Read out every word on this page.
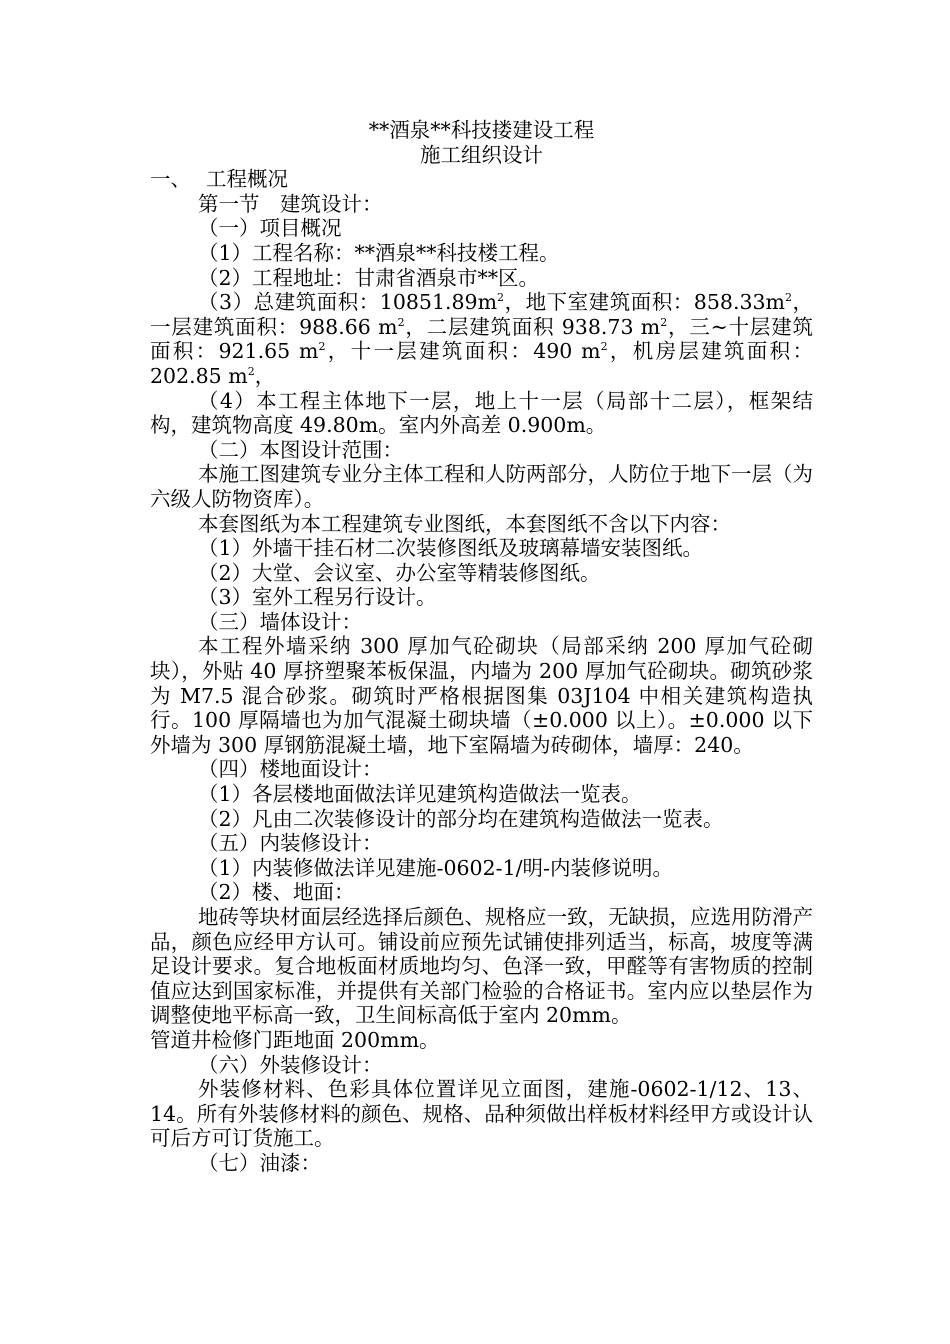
**酒泉**科技搂建设工程
施工组织设计
一、 工程概况
第一节　建筑设计：
（一）项目概况
（1）工程名称：**酒泉**科技楼工程。
（2）工程地址：甘肃省酒泉市**区。
（3）总建筑面积：$10851.89m^2$，地下室建筑面积：$858.33m^2$，一层建筑面积：988.66 $m^2$，二层建筑面积 938.73 $m^2$，三~十层建筑面积：921.65 $m^2$，十一层建筑面积：490 $m^2$，机房层建筑面积：202.85 $m^2$，
（4）本工程主体地下一层，地上十一层（局部十二层），框架结构，建筑物高度 49.80m。室内外高差 0.900m。
（二）本图设计范围：
本施工图建筑专业分主体工程和人防两部分，人防位于地下一层（为六级人防物资库）。
本套图纸为本工程建筑专业图纸，本套图纸不含以下内容：
（1）外墙干挂石材二次装修图纸及玻璃幕墙安装图纸。
（2）大堂、会议室、办公室等精装修图纸。
（3）室外工程另行设计。
（三）墙体设计：
本工程外墙采纳 300 厚加气砼砌块（局部采纳 200 厚加气砼砌块），外贴 40 厚挤塑聚苯板保温，内墙为 200 厚加气砼砌块。砌筑砂浆为 M7.5 混合砂浆。砌筑时严格根据图集 03J104 中相关建筑构造执行。100 厚隔墙也为加气混凝土砌块墙（±0.000 以上）。±0.000 以下外墙为 300 厚钢筋混凝土墙，地下室隔墙为砖砌体，墙厚：240。
（四）楼地面设计：
（1）各层楼地面做法详见建筑构造做法一览表。
（2）凡由二次装修设计的部分均在建筑构造做法一览表。
（五）内装修设计：
（1）内装修做法详见建施-0602-1/明-内装修说明。
（2）楼、地面：
地砖等块材面层经选择后颜色、规格应一致，无缺损，应选用防滑产品，颜色应经甲方认可。铺设前应预先试铺使排列适当，标高，坡度等满足设计要求。复合地板面材质地均匀、色泽一致，甲醛等有害物质的控制值应达到国家标准，并提供有关部门检验的合格证书。室内应以垫层作为调整使地平标高一致，卫生间标高低于室内 20mm。
管道井检修门距地面 200mm。
（六）外装修设计：
外装修材料、色彩具体位置详见立面图，建施-0602-1/12、13、14。所有外装修材料的颜色、规格、品种须做出样板材料经甲方或设计认可后方可订货施工。
（七）油漆：
